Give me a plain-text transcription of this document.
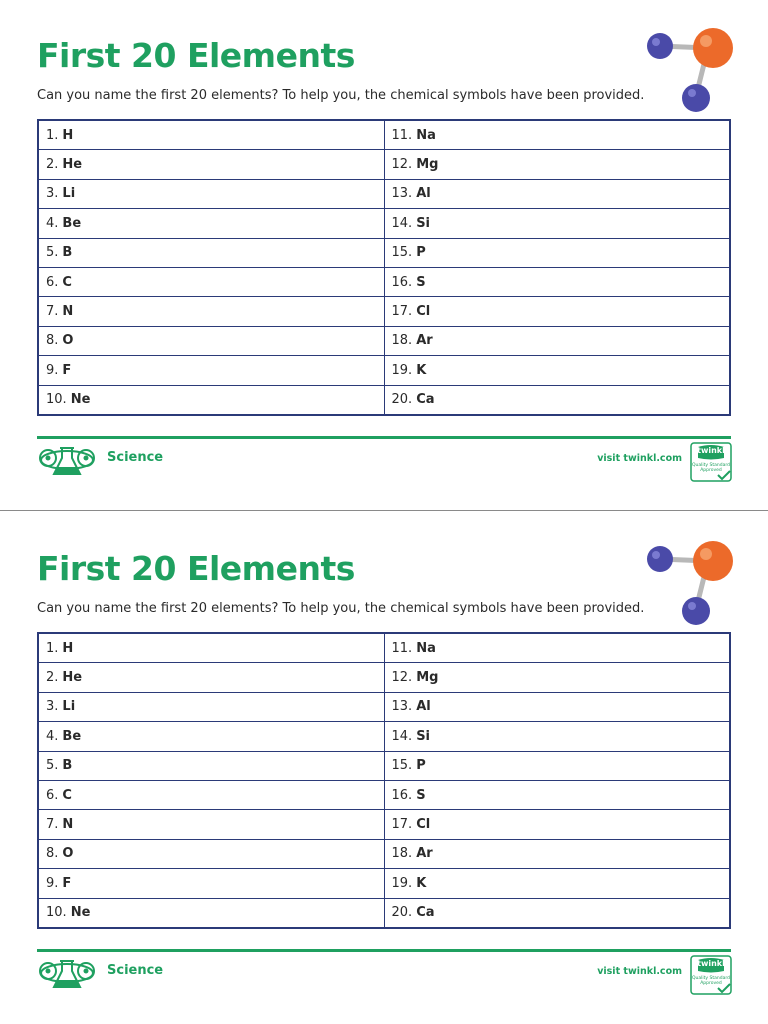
First 20 Elements

Can you name the first 20 elements? To help you, the chemical symbols have been provided.

1. H	11. Na
2. He	12. Mg
3. Li	13. Al
4. Be	14. Si
5. B	15. P
6. C	16. S
7. N	17. Cl
8. O	18. Ar
9. F	19. K
10. Ne	20. Ca
Science	visit twinkl.com
twinkl
Quality Standard Approved
First 20 Elements

Can you name the first 20 elements? To help you, the chemical symbols have been provided.

1. H	11. Na
2. He	12. Mg
3. Li	13. Al
4. Be	14. Si
5. B	15. P
6. C	16. S
7. N	17. Cl
8. O	18. Ar
9. F	19. K
10. Ne	20. Ca
Science	visit twinkl.com
twinkl
Quality Standard Approved
